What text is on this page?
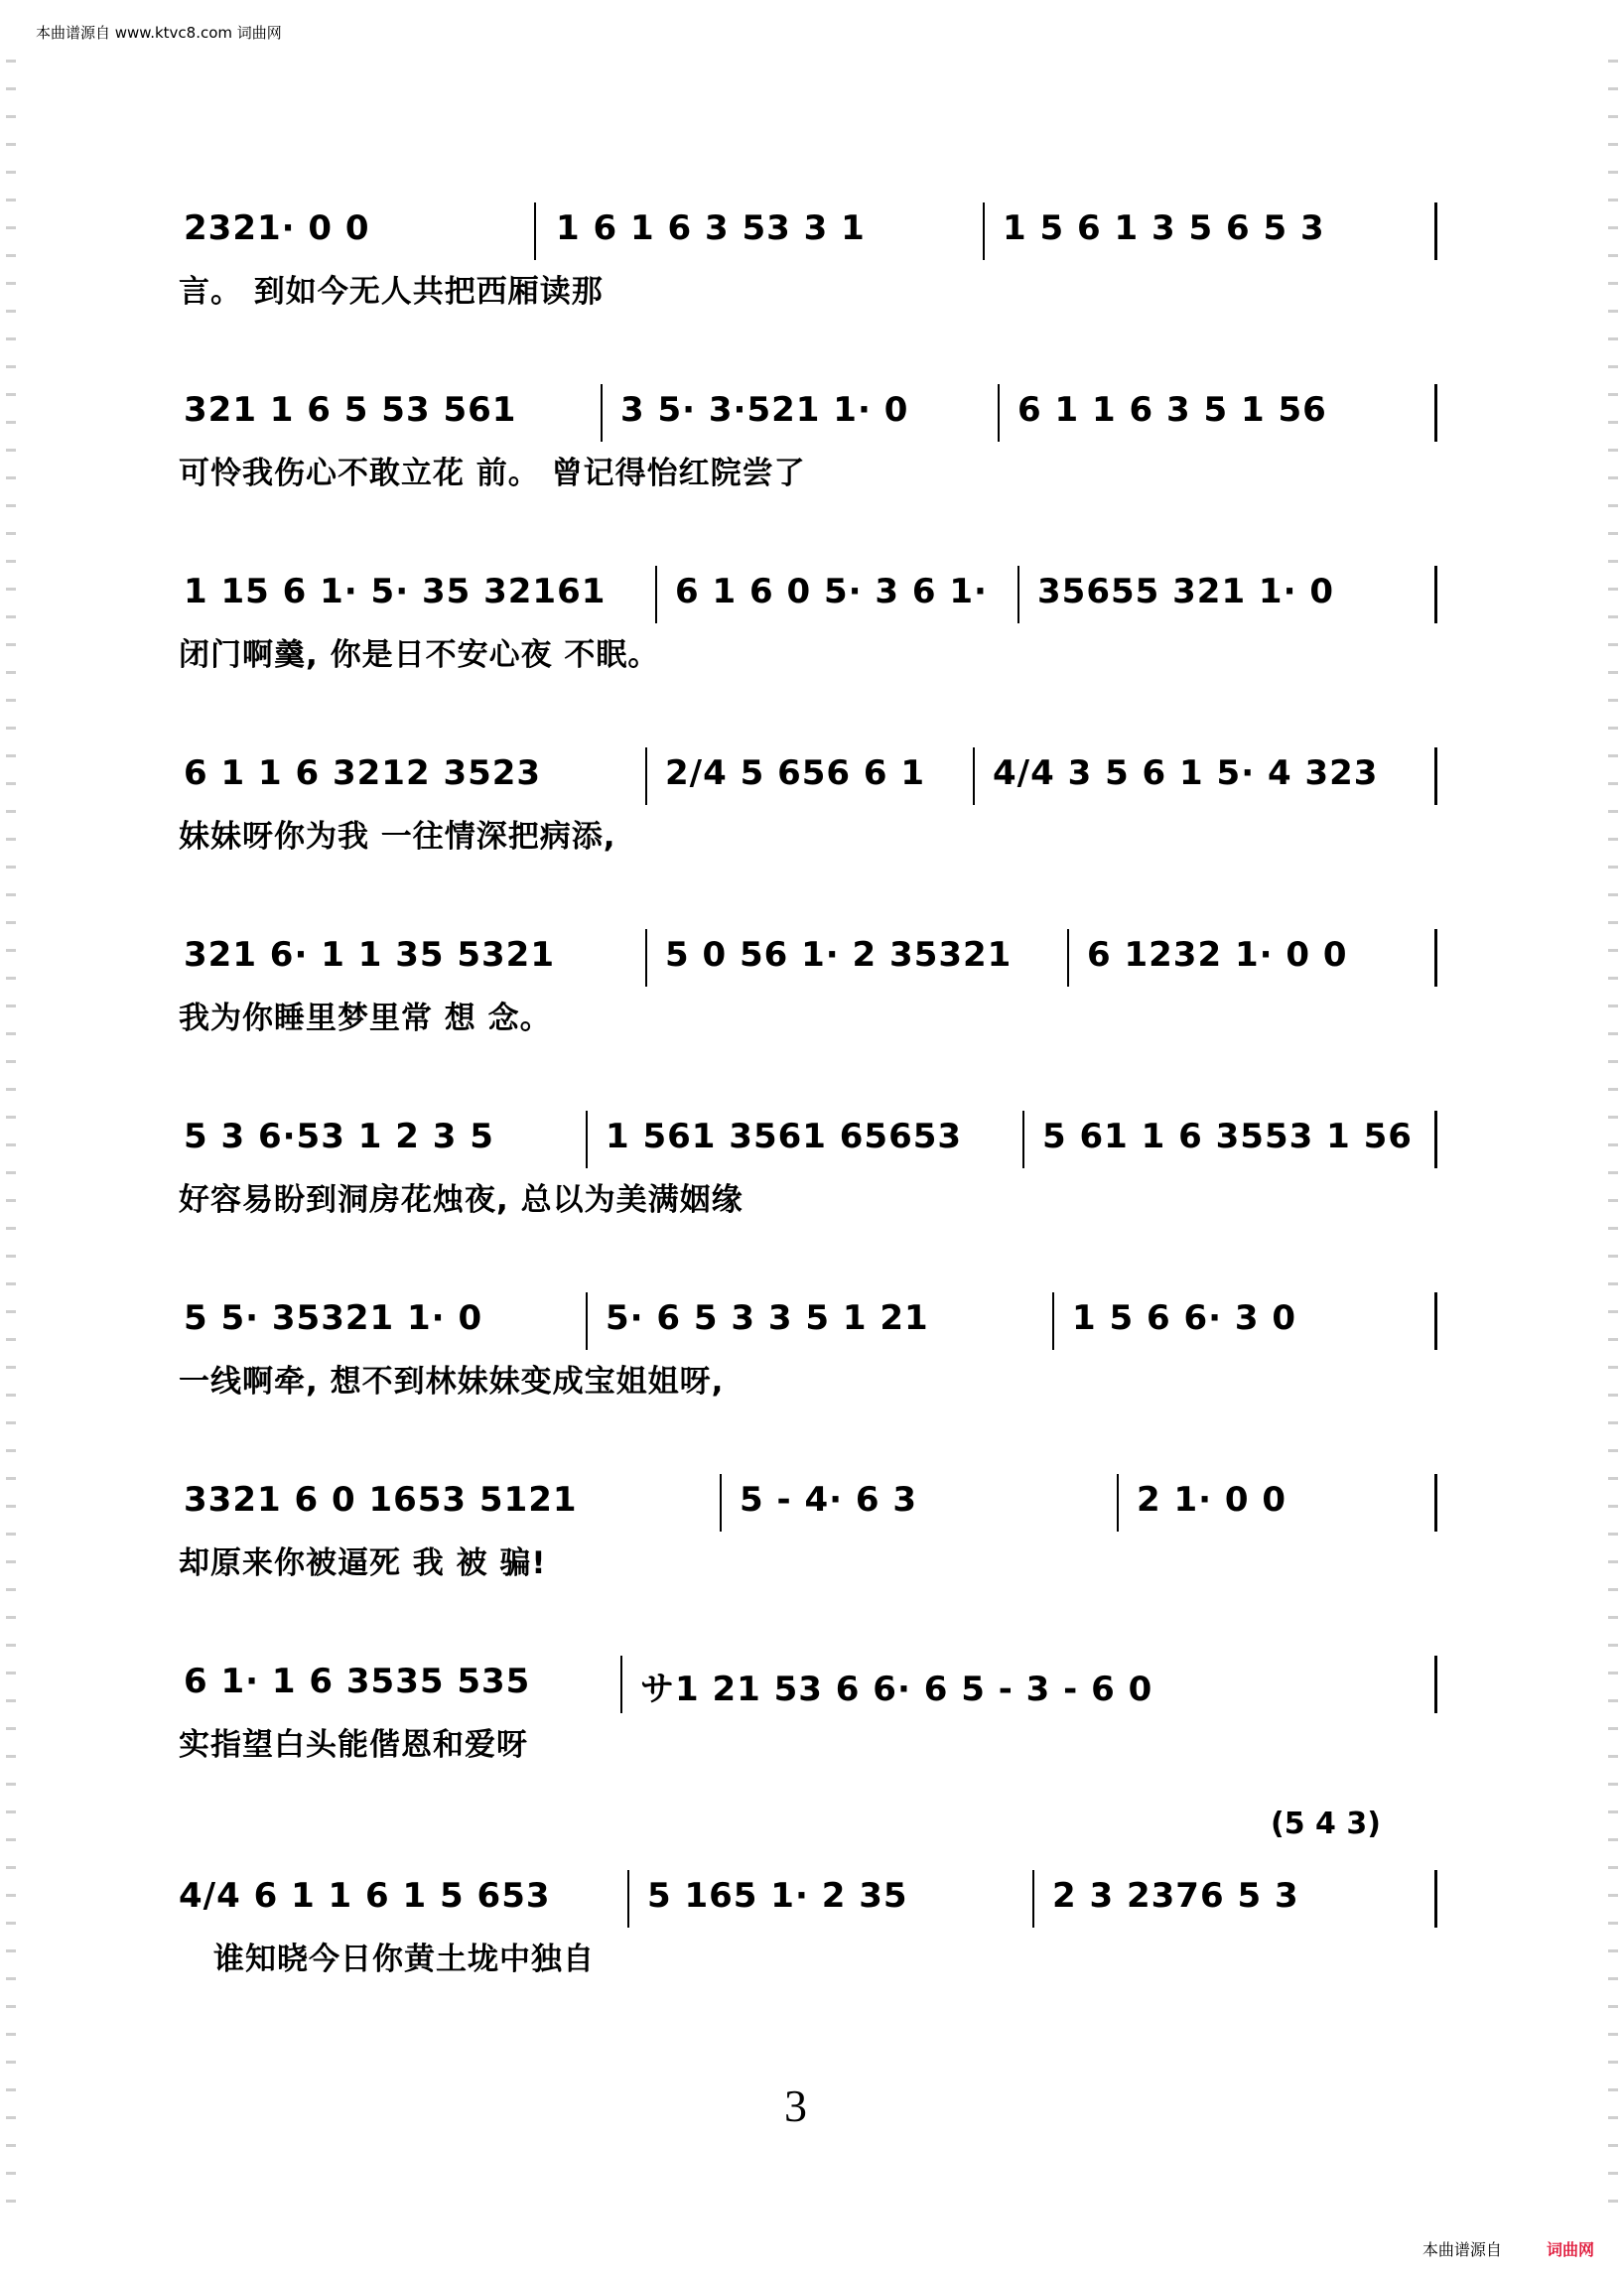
本曲谱源自 www.ktvc8.com 词曲网
2321· 0 0	1 6 1 6 3 53 3 1	1 5 6 1 3 5 6 5 3
言。 到如今无人共把西厢读那
321 1 6 5 53 561	3 5· 3·521 1· 0	6 1 1 6 3 5 1 56
可怜我伤心不敢立花 前。 曾记得怡红院尝了
1 15 6 1· 5· 35 32161 6 1 6 0 5· 3 6 1· 35655 321 1· 0
闭门啊羹, 你是日不安心夜 不眠。
6 1 1 6 3212 3523	2/4 5 656 6 1 4/4 3 5 6 1 5· 4 323
妹妹呀你为我 一往情深把病添,
321 6· 1 1 35 5321	5 0 56 1· 2 35321 6 1232 1· 0 0
我为你睡里梦里常 想 念。
5 3 6·53 1 2 3 5	1 561 3561 65653 5 61 1 6 3553 1 56
好容易盼到洞房花烛夜, 总以为美满姻缘
5 5· 35321 1· 0	5· 6 5 3 3 5 1 21	1 5 6 6· 3 0
一线啊牵, 想不到林妹妹变成宝姐姐呀,
3321 6 0 1653 5121	5 - 4· 6 3	2 1· 0 0
却原来你被逼死 我 被 骗!
6 1· 1 6 3535 535	サ1 21 53 6 6· 6 5 - 3 - 6 0
实指望白头能偕恩和爱呀
(5 4 3)
4/4 6 1 1 6 1 5 653	5 165 1· 2 35	2 3 2376 5 3
谁知晓今日你黄土垅中独自
3
本曲谱源自	词曲网
